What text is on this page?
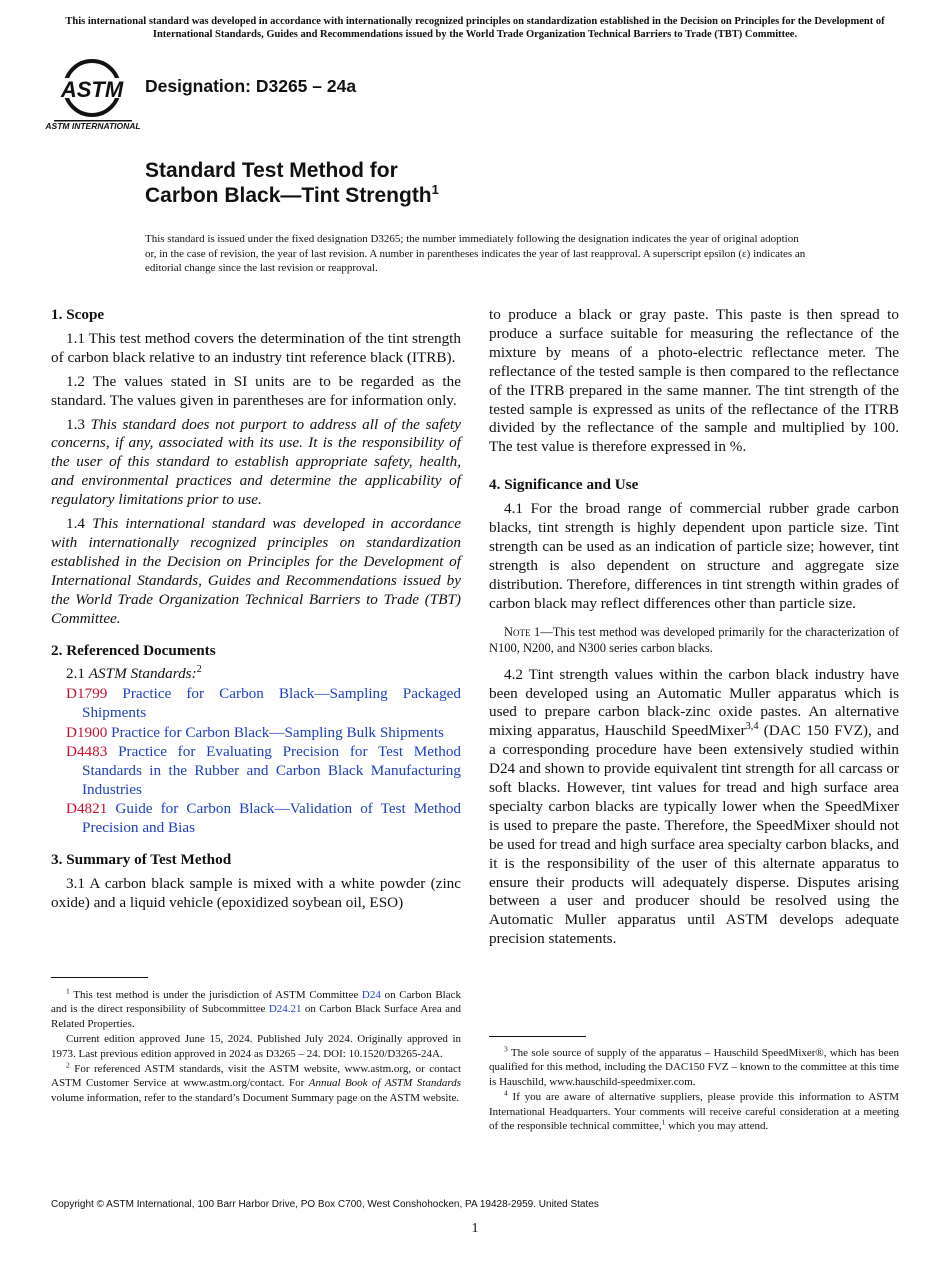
This international standard was developed in accordance with internationally recognized principles on standardization established in the Decision on Principles for the Development of International Standards, Guides and Recommendations issued by the World Trade Organization Technical Barriers to Trade (TBT) Committee.
ASTM
ASTM INTERNATIONAL
Designation: D3265 – 24a
Standard Test Method for
Carbon Black—Tint Strength$^1$
This standard is issued under the fixed designation D3265; the number immediately following the designation indicates the year of original adoption or, in the case of revision, the year of last revision. A number in parentheses indicates the year of last reapproval. A superscript epsilon (ε) indicates an editorial change since the last revision or reapproval.
1. Scope

1.1 This test method covers the determination of the tint strength of carbon black relative to an industry tint reference black (ITRB).

1.2 The values stated in SI units are to be regarded as the standard. The values given in parentheses are for information only.

1.3 This standard does not purport to address all of the safety concerns, if any, associated with its use. It is the responsibility of the user of this standard to establish appropriate safety, health, and environmental practices and determine the applicability of regulatory limitations prior to use.

1.4 This international standard was developed in accordance with internationally recognized principles on standardization established in the Decision on Principles for the Development of International Standards, Guides and Recommendations issued by the World Trade Organization Technical Barriers to Trade (TBT) Committee.

2. Referenced Documents

2.1 ASTM Standards:$^2$

D1799 Practice for Carbon Black—Sampling Packaged Shipments
D1900 Practice for Carbon Black—Sampling Bulk Shipments
D4483 Practice for Evaluating Precision for Test Method Standards in the Rubber and Carbon Black Manufacturing Industries
D4821 Guide for Carbon Black—Validation of Test Method Precision and Bias
3. Summary of Test Method

3.1 A carbon black sample is mixed with a white powder (zinc oxide) and a liquid vehicle (epoxidized soybean oil, ESO)

to produce a black or gray paste. This paste is then spread to produce a surface suitable for measuring the reflectance of the mixture by means of a photo-electric reflectance meter. The reflectance of the tested sample is then compared to the reflectance of the ITRB prepared in the same manner. The tint strength of the tested sample is expressed as units of the reflectance of the ITRB divided by the reflectance of the sample and multiplied by 100. The test value is therefore expressed in %.

4. Significance and Use

4.1 For the broad range of commercial rubber grade carbon blacks, tint strength is highly dependent upon particle size. Tint strength can be used as an indication of particle size; however, tint strength is also dependent on structure and aggregate size distribution. Therefore, differences in tint strength within grades of carbon black may reflect differences other than particle size.

Note 1—This test method was developed primarily for the characterization of N100, N200, and N300 series carbon blacks.

4.2 Tint strength values within the carbon black industry have been developed using an Automatic Muller apparatus which is used to prepare carbon black-zinc oxide pastes. An alternative mixing apparatus, Hauschild SpeedMixer$^{3,4}$ (DAC 150 FVZ), and a corresponding procedure have been extensively studied within D24 and shown to provide equivalent tint strength for all carcass or soft blacks. However, tint values for tread and high surface area specialty carbon blacks are typically lower when the SpeedMixer is used to prepare the paste. Therefore, the SpeedMixer should not be used for tread and high surface area specialty carbon blacks, and it is the responsibility of the user of this alternate apparatus to ensure their products will adequately disperse. Disputes arising between a user and producer should be resolved using the Automatic Muller apparatus until ASTM develops adequate precision statements.

$^1$ This test method is under the jurisdiction of ASTM Committee D24 on Carbon Black and is the direct responsibility of Subcommittee D24.21 on Carbon Black Surface Area and Related Properties.

Current edition approved June 15, 2024. Published July 2024. Originally approved in 1973. Last previous edition approved in 2024 as D3265 – 24. DOI: 10.1520/D3265-24A.

$^2$ For referenced ASTM standards, visit the ASTM website, www.astm.org, or contact ASTM Customer Service at www.astm.org/contact. For Annual Book of ASTM Standards volume information, refer to the standard’s Document Summary page on the ASTM website.

$^3$ The sole source of supply of the apparatus – Hauschild SpeedMixer®, which has been qualified for this method, including the DAC150 FVZ – known to the committee at this time is Hauschild, www.hauschild-speedmixer.com.

$^4$ If you are aware of alternative suppliers, please provide this information to ASTM International Headquarters. Your comments will receive careful consideration at a meeting of the responsible technical committee,$^1$ which you may attend.

Copyright © ASTM International, 100 Barr Harbor Drive, PO Box C700, West Conshohocken, PA 19428-2959. United States
1
